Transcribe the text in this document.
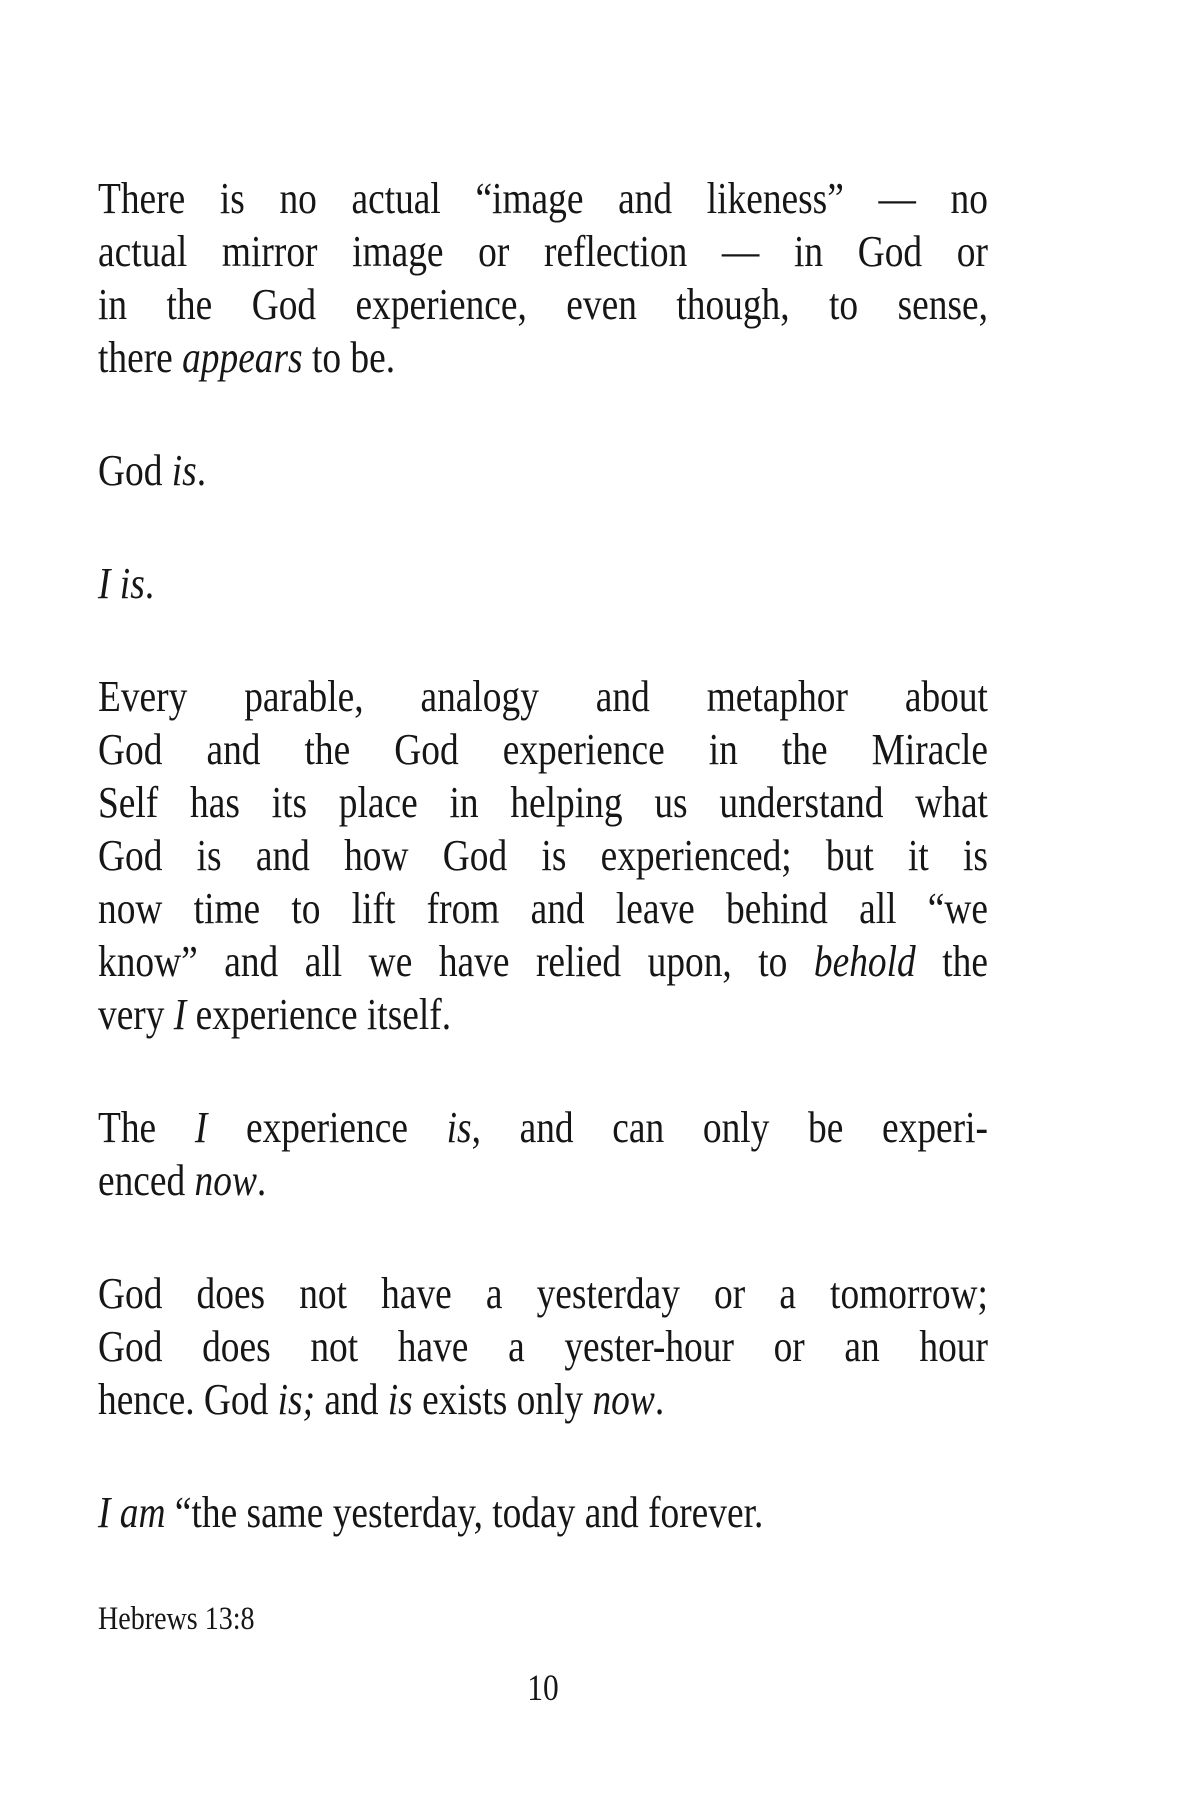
There is no actual “image and likeness” — no
actual mirror image or reflection — in God or
in the God experience, even though, to sense,
there appears to be.
God is.
I is.
Every parable, analogy and metaphor about
God and the God experience in the Miracle
Self has its place in helping us understand what
God is and how God is experienced; but it is
now time to lift from and leave behind all “we
know” and all we have relied upon, to behold the
very I experience itself.
The I experience is, and can only be experi-
enced now.
God does not have a yesterday or a tomorrow;
God does not have a yester-hour or an hour
hence. God is; and is exists only now.
I am “the same yesterday, today and forever.
Hebrews 13:8
10
